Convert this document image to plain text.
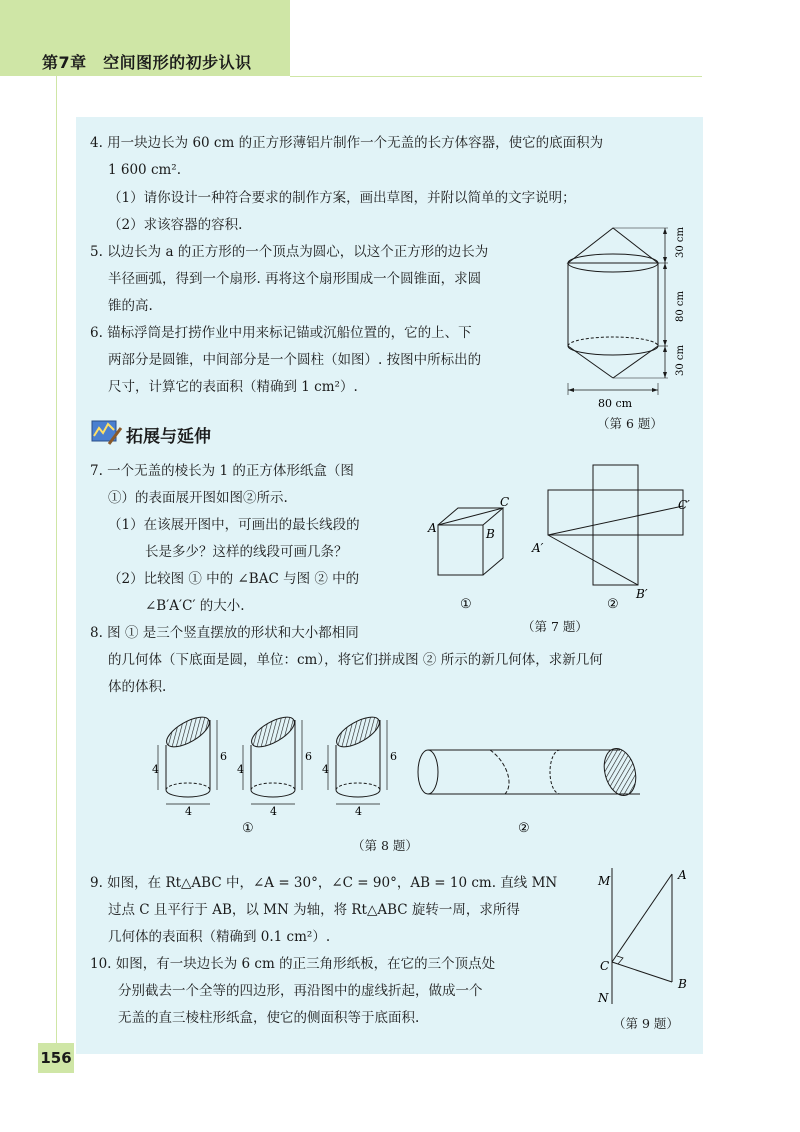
第7章　空间图形的初步认识
156
4. 用一块边长为 60 cm 的正方形薄铝片制作一个无盖的长方体容器，使它的底面积为
1 600 cm².
（1）请你设计一种符合要求的制作方案，画出草图，并附以简单的文字说明；
（2）求该容器的容积.
5. 以边长为 a 的正方形的一个顶点为圆心，以这个正方形的边长为
半径画弧，得到一个扇形. 再将这个扇形围成一个圆锥面，求圆
锥的高.
6. 锚标浮筒是打捞作业中用来标记锚或沉船位置的，它的上、下
两部分是圆锥，中间部分是一个圆柱（如图）. 按图中所标出的
尺寸，计算它的表面积（精确到 1 cm²）.
30 cm
80 cm
30 cm
80 cm
（第 6 题）
拓展与延伸
7. 一个无盖的棱长为 1 的正方体形纸盒（图
①）的表面展开图如图②所示.
（1）在该展开图中，可画出的最长线段的
长是多少？这样的线段可画几条？
（2）比较图 ① 中的 ∠BAC 与图 ② 中的
∠B′A′C′ 的大小.
A	B
C
A′
B′
C′
①	②
（第 7 题）
8. 图 ① 是三个竖直摆放的形状和大小都相同
的几何体（下底面是圆，单位：cm），将它们拼成图 ② 所示的新几何体，求新几何
体的体积.
4
6
4
4
6
4
4
6
4
①	②
（第 8 题）
9. 如图，在 Rt△ABC 中，∠A = 30°，∠C = 90°，AB = 10 cm. 直线 MN
过点 C 且平行于 AB，以 MN 为轴，将 Rt△ABC 旋转一周，求所得
几何体的表面积（精确到 0.1 cm²）.
10. 如图，有一块边长为 6 cm 的正三角形纸板，在它的三个顶点处
分别截去一个全等的四边形，再沿图中的虚线折起，做成一个
无盖的直三棱柱形纸盒，使它的侧面积等于底面积.
M	A
C
B
N
（第 9 题）
